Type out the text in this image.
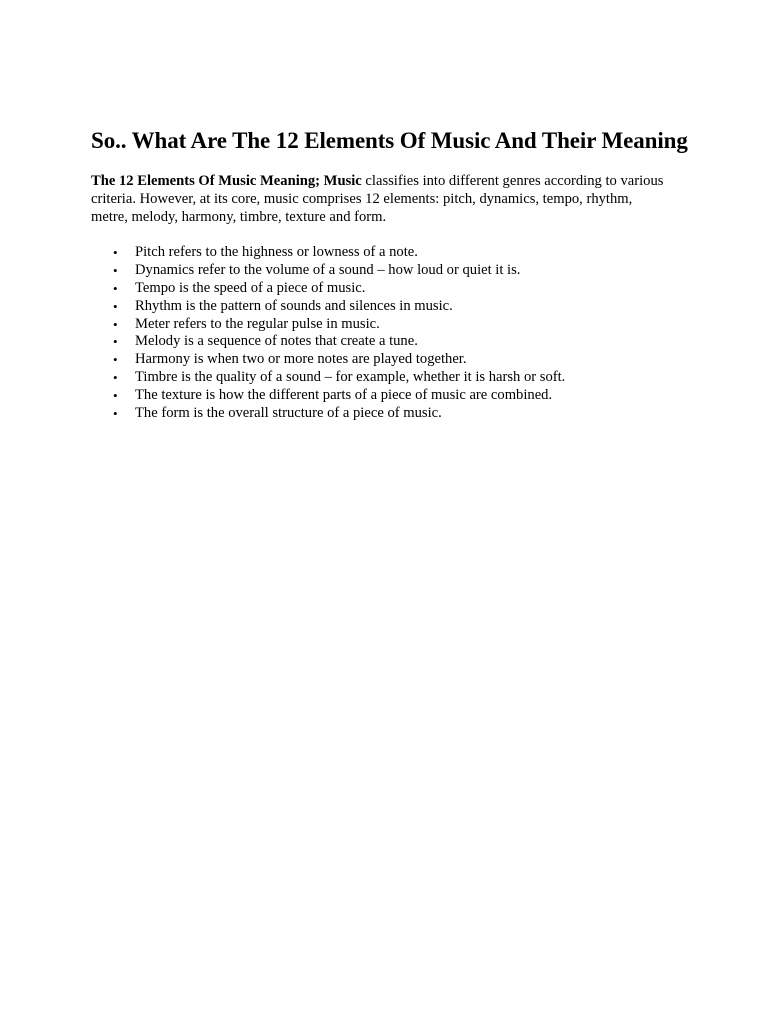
So.. What Are The 12 Elements Of Music And Their Meaning

The 12 Elements Of Music Meaning; Music classifies into different genres according to various criteria. However, at its core, music comprises 12 elements: pitch, dynamics, tempo, rhythm, metre, melody, harmony, timbre, texture and form.

• Pitch refers to the highness or lowness of a note.
• Dynamics refer to the volume of a sound – how loud or quiet it is.
• Tempo is the speed of a piece of music.
• Rhythm is the pattern of sounds and silences in music.
• Meter refers to the regular pulse in music.
• Melody is a sequence of notes that create a tune.
• Harmony is when two or more notes are played together.
• Timbre is the quality of a sound – for example, whether it is harsh or soft.
• The texture is how the different parts of a piece of music are combined.
• The form is the overall structure of a piece of music.
